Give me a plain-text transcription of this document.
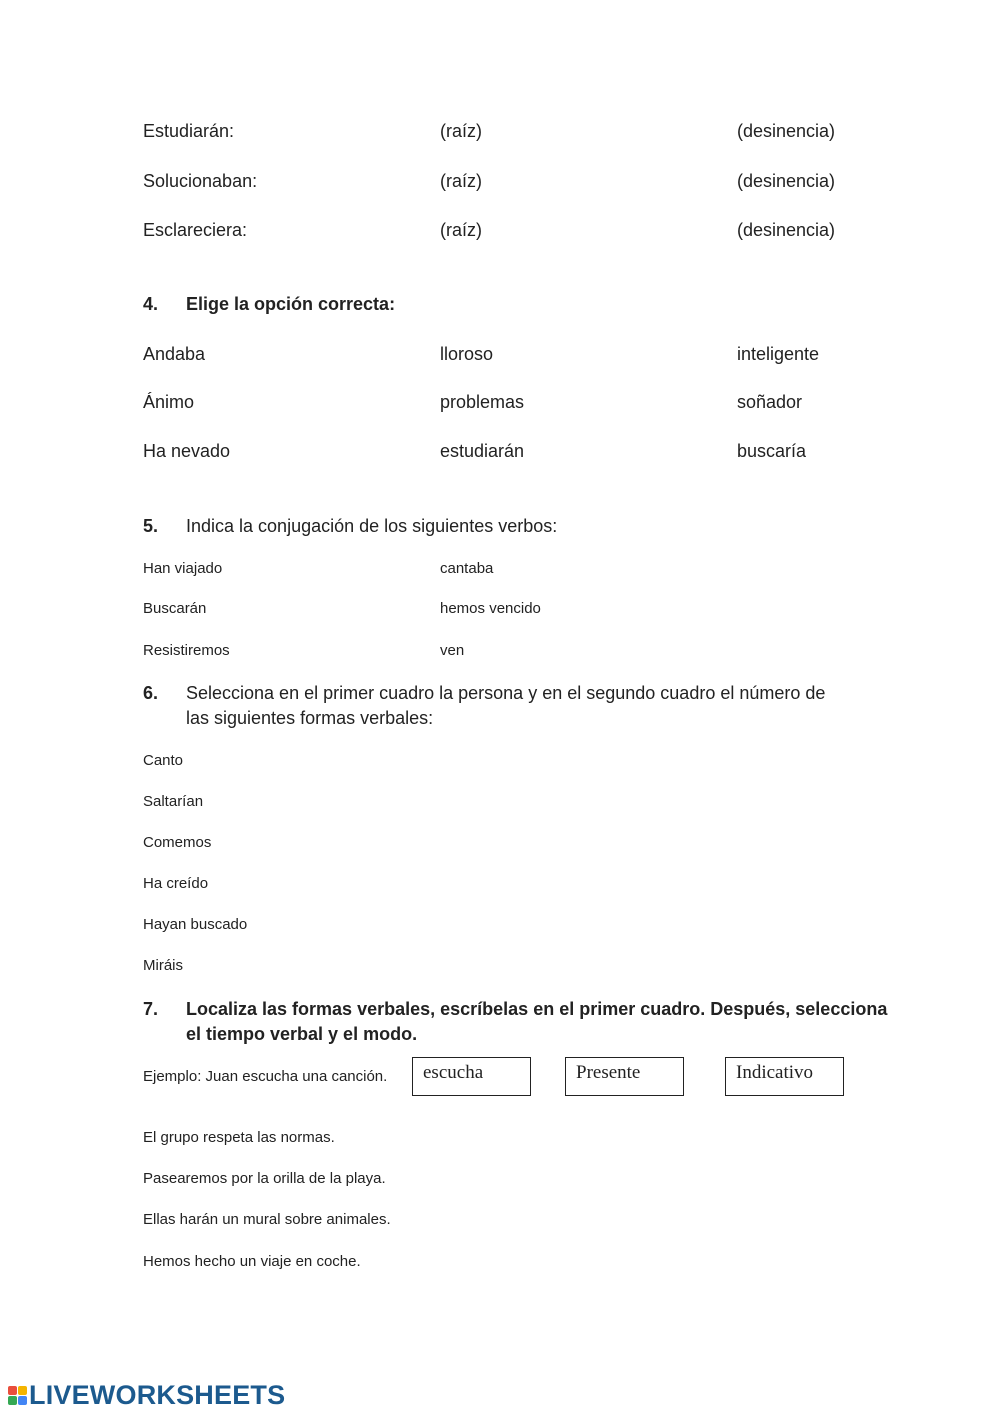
Estudiarán:	(raíz)	(desinencia)
Solucionaban:	(raíz)	(desinencia)
Esclareciera:	(raíz)	(desinencia)
4. Elige la opción correcta:
Andaba	lloroso	inteligente
Ánimo	problemas	soñador
Ha nevado	estudiarán	buscaría
5. Indica la conjugación de los siguientes verbos:
Han viajado	cantaba
Buscarán	hemos vencido
Resistiremos	ven
6. Selecciona en el primer cuadro la persona y en el segundo cuadro el número de
las siguientes formas verbales:
Canto
Saltarían
Comemos
Ha creído
Hayan buscado
Miráis
7. Localiza las formas verbales, escríbelas en el primer cuadro. Después, selecciona
el tiempo verbal y el modo.
Ejemplo: Juan escucha una canción.	escucha	Presente	Indicativo
El grupo respeta las normas.
Pasearemos por la orilla de la playa.
Ellas harán un mural sobre animales.
Hemos hecho un viaje en coche.
LIVEWORKSHEETS
